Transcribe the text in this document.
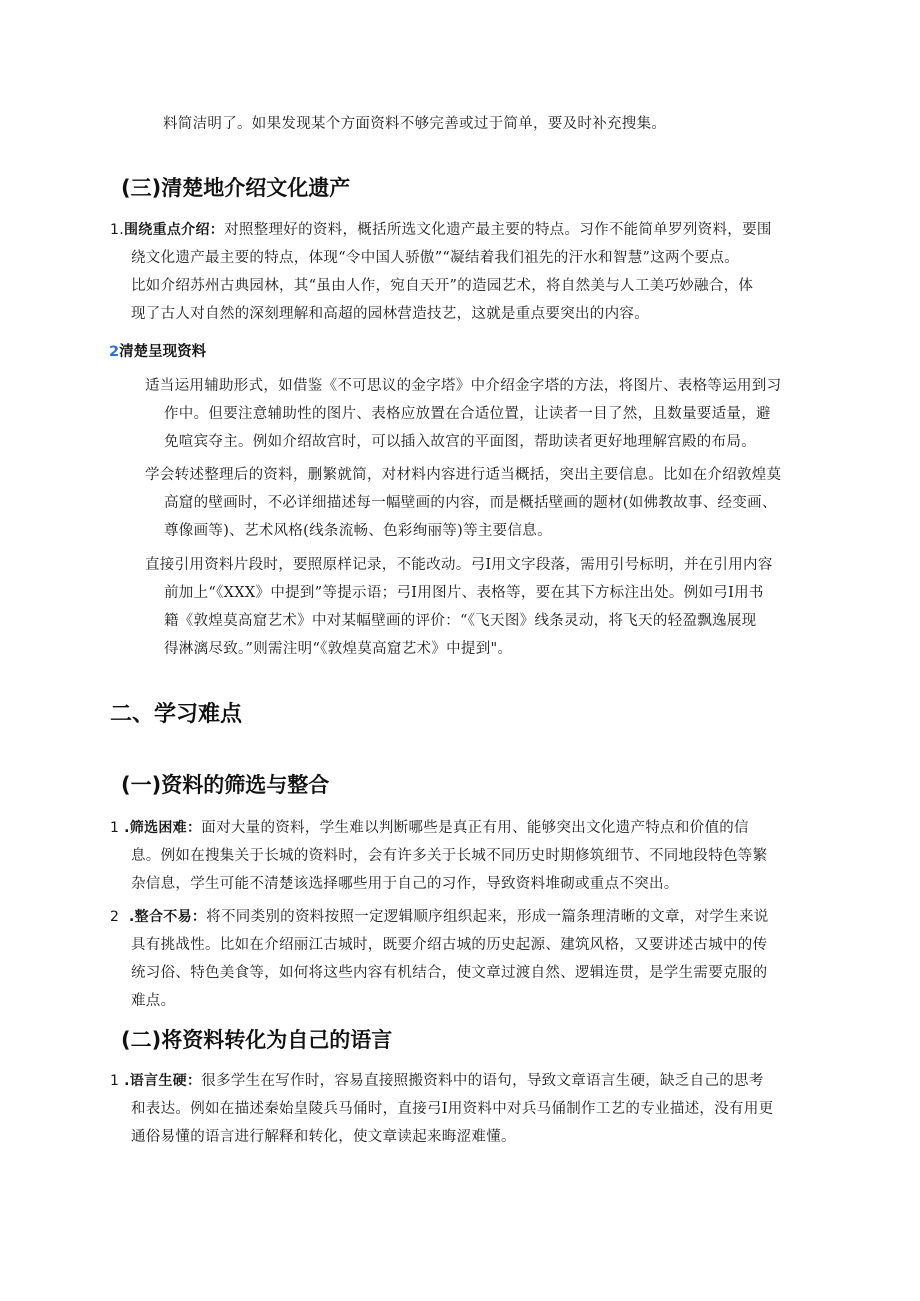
料简洁明了。如果发现某个方面资料不够完善或过于简单，要及时补充搜集。

(三)清楚地介绍文化遗产

1.围绕重点介绍：对照整理好的资料，概括所选文化遗产最主要的特点。习作不能简单罗列资料，要围

绕文化遗产最主要的特点，体现“令中国人骄傲”“凝结着我们祖先的汗水和智慧”这两个要点。

比如介绍苏州古典园林，其“虽由人作，宛自天开”的造园艺术，将自然美与人工美巧妙融合，体

现了古人对自然的深刻理解和高超的园林营造技艺，这就是重点要突出的内容。

2清楚呈现资料

适当运用辅助形式，如借鉴《不可思议的金字塔》中介绍金字塔的方法，将图片、表格等运用到习

作中。但要注意辅助性的图片、表格应放置在合适位置，让读者一目了然，且数量要适量，避

免喧宾夺主。例如介绍故宫时，可以插入故宫的平面图，帮助读者更好地理解宫殿的布局。

学会转述整理后的资料，删繁就简，对材料内容进行适当概括，突出主要信息。比如在介绍敦煌莫

高窟的壁画时，不必详细描述每一幅壁画的内容，而是概括壁画的题材(如佛教故事、经变画、

尊像画等)、艺术风格(线条流畅、色彩绚丽等)等主要信息。

直接引用资料片段时，要照原样记录，不能改动。弓I用文字段落，需用引号标明，并在引用内容

前加上“《XXX》中提到”等提示语；弓I用图片、表格等，要在其下方标注出处。例如弓I用书

籍《敦煌莫高窟艺术》中对某幅壁画的评价：“《飞天图》线条灵动，将飞天的轻盈飘逸展现

得淋漓尽致。”则需注明“《敦煌莫高窟艺术》中提到"。

二、学习难点
(一)资料的筛选与整合

1 .筛选困难：面对大量的资料，学生难以判断哪些是真正有用、能够突出文化遗产特点和价值的信

息。例如在搜集关于长城的资料时，会有许多关于长城不同历史时期修筑细节、不同地段特色等繁

杂信息，学生可能不清楚该选择哪些用于自己的习作，导致资料堆砌或重点不突出。

2 .整合不易：将不同类别的资料按照一定逻辑顺序组织起来，形成一篇条理清晰的文章，对学生来说

具有挑战性。比如在介绍丽江古城时，既要介绍古城的历史起源、建筑风格，又要讲述古城中的传

统习俗、特色美食等，如何将这些内容有机结合，使文章过渡自然、逻辑连贯，是学生需要克服的

难点。

(二)将资料转化为自己的语言

1 .语言生硬：很多学生在写作时，容易直接照搬资料中的语句，导致文章语言生硬，缺乏自己的思考

和表达。例如在描述秦始皇陵兵马俑时，直接弓I用资料中对兵马俑制作工艺的专业描述，没有用更

通俗易懂的语言进行解释和转化，使文章读起来晦涩难懂。
